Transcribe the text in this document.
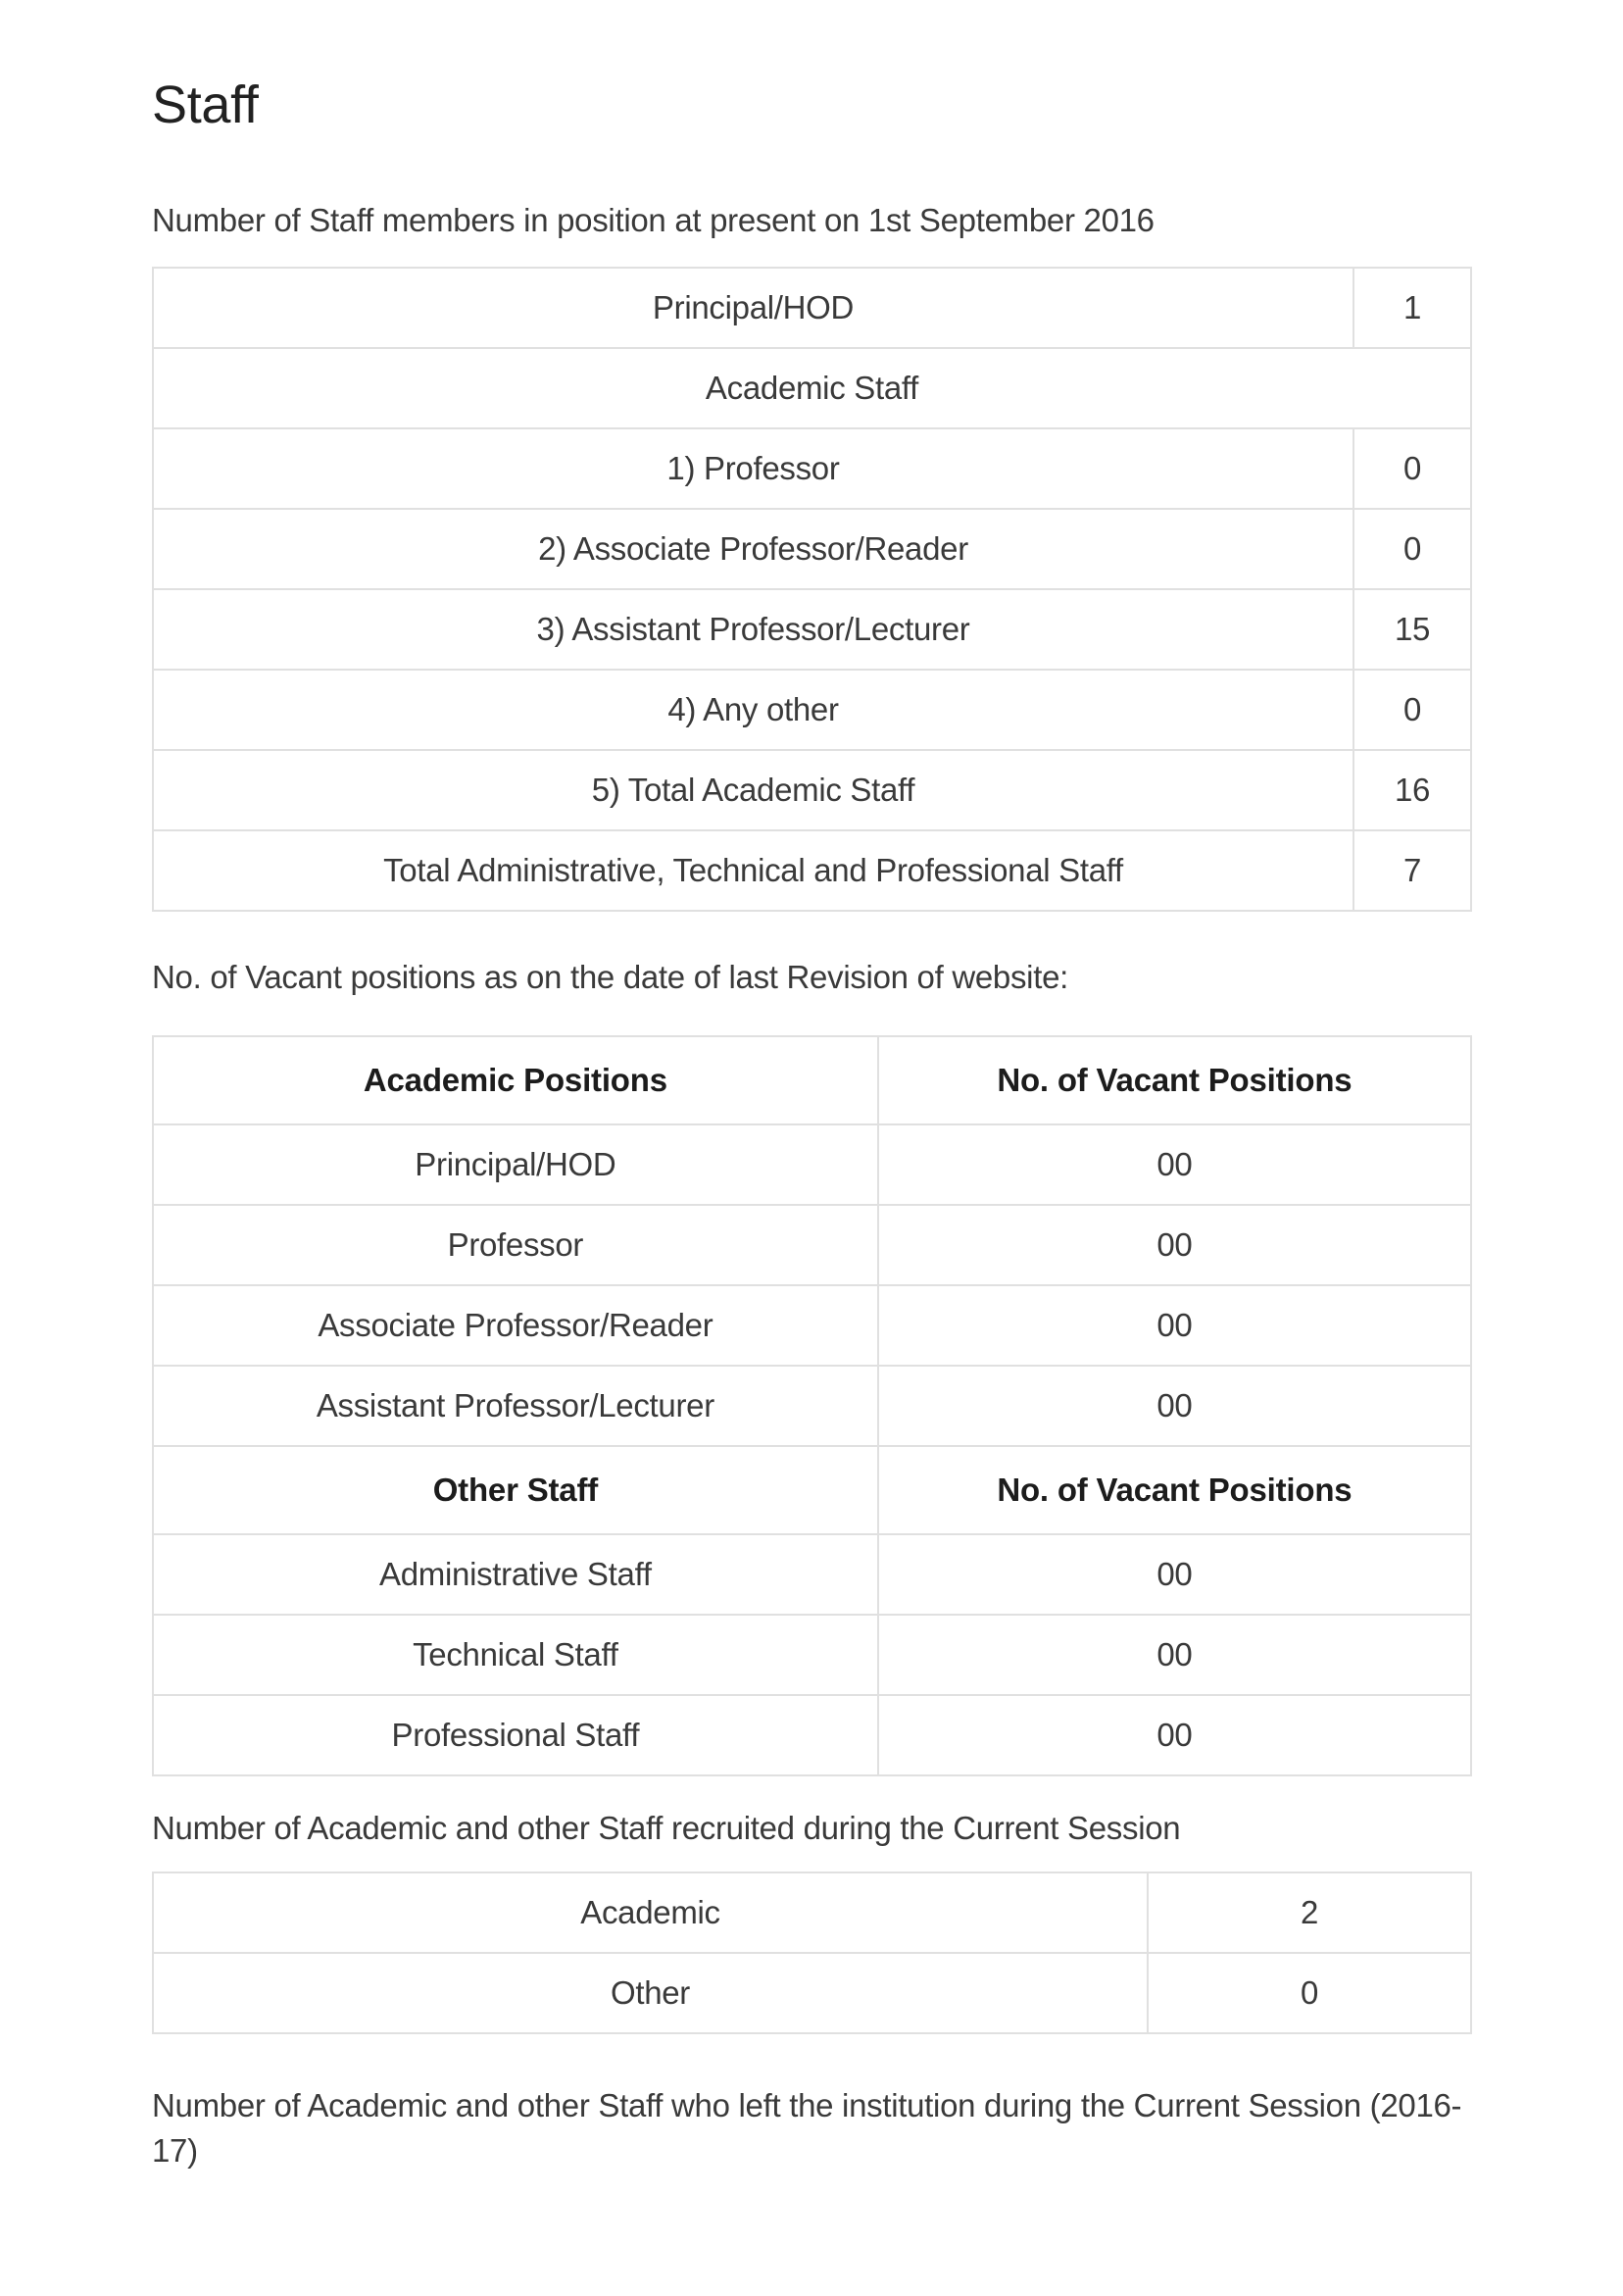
Staff

Number of Staff members in position at present on 1st September 2016

Principal/HOD	1
Academic Staff	
1) Professor	0
2) Associate Professor/Reader	0
3) Assistant Professor/Lecturer	15
4) Any other	0
5) Total Academic Staff	16
Total Administrative, Technical and Professional Staff	7

No. of Vacant positions as on the date of last Revision of website:

Academic Positions	No. of Vacant Positions
Principal/HOD	00
Professor	00
Associate Professor/Reader	00
Assistant Professor/Lecturer	00
Other Staff	No. of Vacant Positions
Administrative Staff	00
Technical Staff	00
Professional Staff	00

Number of Academic and other Staff recruited during the Current Session

Academic	2
Other	0

Number of Academic and other Staff who left the institution during the Current Session (2016-17)
